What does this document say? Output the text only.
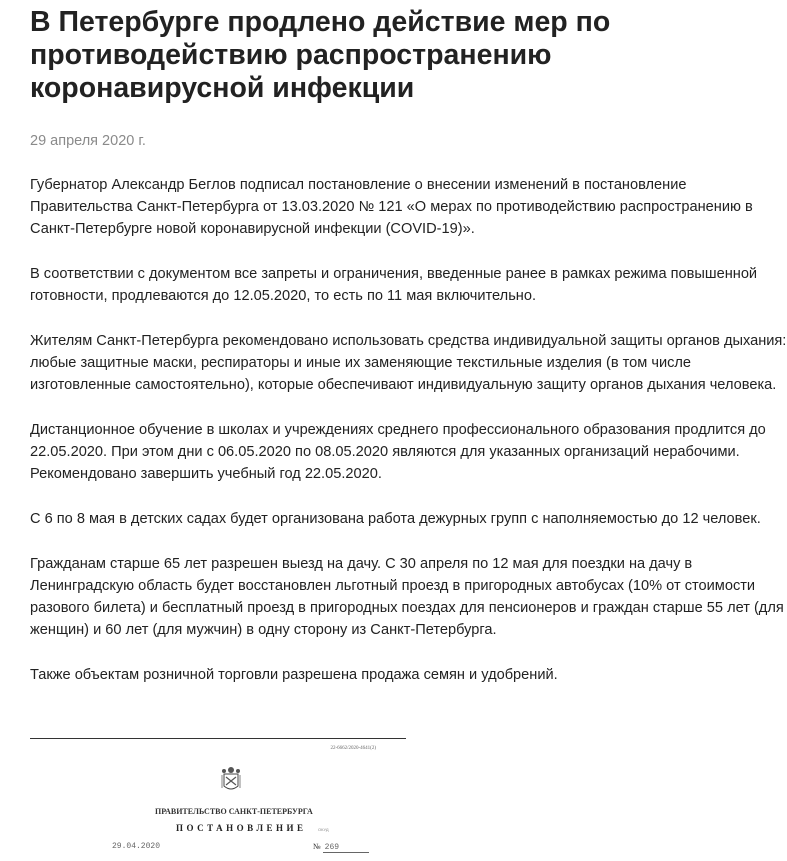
В Петербурге продлено действие мер по противодействию распространению коронавирусной инфекции
29 апреля 2020 г.

Губернатор Александр Беглов подписал постановление о внесении изменений в постановление Правительства Санкт-Петербурга от 13.03.2020 № 121 «О мерах по противодействию распространению в Санкт-Петербурге новой коронавирусной инфекции (COVID-19)».

В соответствии с документом все запреты и ограничения, введенные ранее в рамках режима повышенной готовности, продлеваются до 12.05.2020, то есть по 11 мая включительно.

Жителям Санкт-Петербурга рекомендовано использовать средства индивидуальной защиты органов дыхания: любые защитные маски, респираторы и иные их заменяющие текстильные изделия (в том числе изготовленные самостоятельно), которые обеспечивают индивидуальную защиту органов дыхания человека.

Дистанционное обучение в школах и учреждениях среднего профессионального образования продлится до 22.05.2020. При этом дни с 06.05.2020 по 08.05.2020 являются для указанных организаций нерабочими. Рекомендовано завершить учебный год 22.05.2020.

С 6 по 8 мая в детских садах будет организована работа дежурных групп с наполняемостью до 12 человек.

Гражданам старше 65 лет разрешен выезд на дачу. С 30 апреля по 12 мая для поездки на дачу в Ленинградскую область будет восстановлен льготный проезд в пригородных автобусах (10% от стоимости разового билета) и бесплатный проезд в пригородных поездах для пенсионеров и граждан старше 55 лет (для женщин) и 60 лет (для мужчин) в одну сторону из Санкт-Петербурга.

Также объектам розничной торговли разрешена продажа семян и удобрений.

22-6662/2020-4641(2)
ПРАВИТЕЛЬСТВО САНКТ-ПЕТЕРБУРГА
ПОСТАНОВЛЕНИЕ	ОКУД
29.04.2020	№ 269
